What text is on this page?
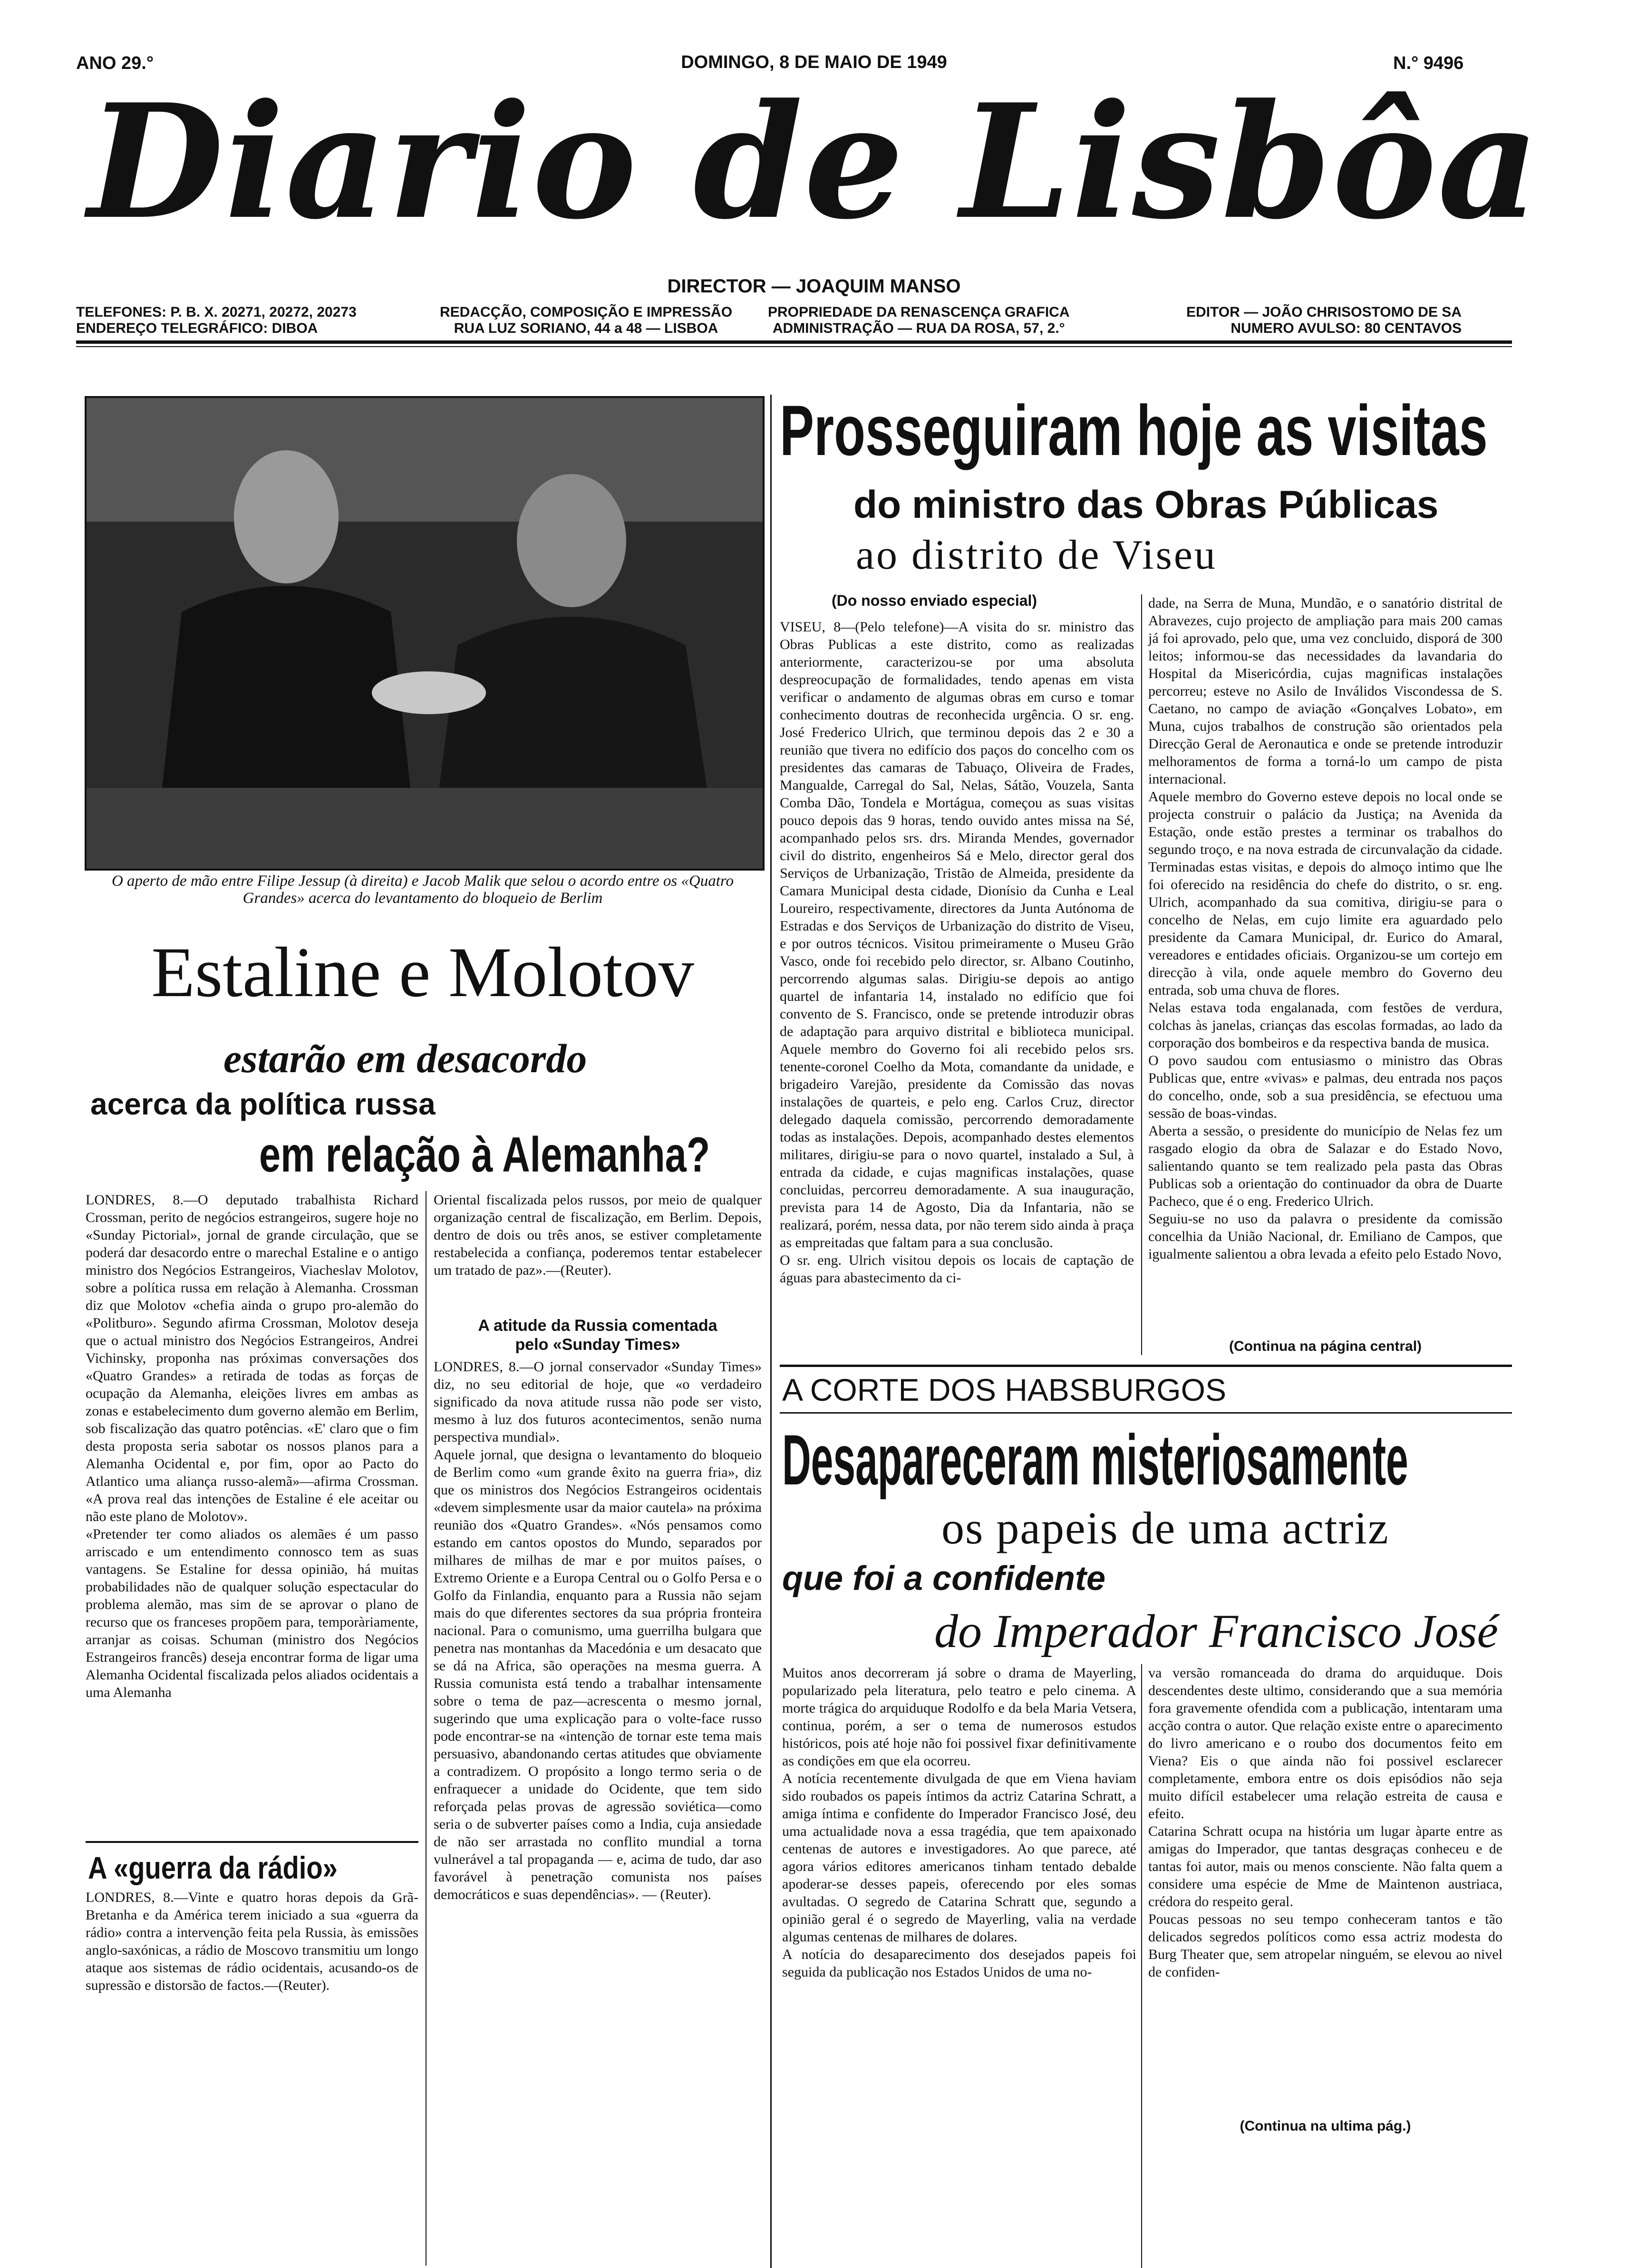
ANO 29.°	DOMINGO, 8 DE MAIO DE 1949	N.° 9496
Diario de Lisbôa
DIRECTOR — JOAQUIM MANSO
TELEFONES: P. B. X. 20271, 20272, 20273
ENDEREÇO TELEGRÁFICO: DIBOA
REDACÇÃO, COMPOSIÇÃO E IMPRESSÃO
RUA LUZ SORIANO, 44 a 48 — LISBOA
PROPRIEDADE DA RENASCENÇA GRAFICA
ADMINISTRAÇÃO — RUA DA ROSA, 57, 2.°
EDITOR — JOÃO CHRISOSTOMO DE SA
NUMERO AVULSO: 80 CENTAVOS
O aperto de mão entre Filipe Jessup (à direita) e Jacob Malik que selou o acordo entre os «Quatro Grandes» acerca do levantamento do bloqueio de Berlim
Estaline e Molotov
estarão em desacordo
acerca da política russa
em relação à Alemanha?
LONDRES, 8.—O deputado trabalhista Richard Crossman, perito de negócios estrangeiros, sugere hoje no «Sunday Pictorial», jornal de grande circulação, que se poderá dar desacordo entre o marechal Estaline e o antigo ministro dos Negócios Estrangeiros, Viacheslav Molotov, sobre a política russa em relação à Alemanha. Crossman diz que Molotov «chefia ainda o grupo pro-alemão do «Politburo». Segundo afirma Crossman, Molotov deseja que o actual ministro dos Negócios Estrangeiros, Andrei Vichinsky, proponha nas próximas conversações dos «Quatro Grandes» a retirada de todas as forças de ocupação da Alemanha, eleições livres em ambas as zonas e estabelecimento dum governo alemão em Berlim, sob fiscalização das quatro potências. «E' claro que o fim desta proposta seria sabotar os nossos planos para a Alemanha Ocidental e, por fim, opor ao Pacto do Atlantico uma aliança russo-alemã»—afirma Crossman. «A prova real das intenções de Estaline é ele aceitar ou não este plano de Molotov».
«Pretender ter como aliados os alemães é um passo arriscado e um entendimento connosco tem as suas vantagens. Se Estaline for dessa opinião, há muitas probabilidades não de qualquer solução espectacular do problema alemão, mas sim de se aprovar o plano de recurso que os franceses propõem para, temporàriamente, arranjar as coisas. Schuman (ministro dos Negócios Estrangeiros francês) deseja encontrar forma de ligar uma Alemanha Ocidental fiscalizada pelos aliados ocidentais a uma Alemanha
Oriental fiscalizada pelos russos, por meio de qualquer organização central de fiscalização, em Berlim. Depois, dentro de dois ou três anos, se estiver completamente restabelecida a confiança, poderemos tentar estabelecer um tratado de paz».—(Reuter).
A atitude da Russia comentada
pelo «Sunday Times»
LONDRES, 8.—O jornal conservador «Sunday Times» diz, no seu editorial de hoje, que «o verdadeiro significado da nova atitude russa não pode ser visto, mesmo à luz dos futuros acontecimentos, senão numa perspectiva mundial».
Aquele jornal, que designa o levantamento do bloqueio de Berlim como «um grande êxito na guerra fria», diz que os ministros dos Negócios Estrangeiros ocidentais «devem simplesmente usar da maior cautela» na próxima reunião dos «Quatro Grandes». «Nós pensamos como estando em cantos opostos do Mundo, separados por milhares de milhas de mar e por muitos países, o Extremo Oriente e a Europa Central ou o Golfo Persa e o Golfo da Finlandia, enquanto para a Russia não sejam mais do que diferentes sectores da sua própria fronteira nacional. Para o comunismo, uma guerrilha bulgara que penetra nas montanhas da Macedónia e um desacato que se dá na Africa, são operações na mesma guerra. A Russia comunista está tendo a trabalhar intensamente sobre o tema de paz—acrescenta o mesmo jornal, sugerindo que uma explicação para o volte-face russo pode encontrar-se na «intenção de tornar este tema mais persuasivo, abandonando certas atitudes que obviamente a contradizem. O propósito a longo termo seria o de enfraquecer a unidade do Ocidente, que tem sido reforçada pelas provas de agressão soviética—como seria o de subverter países como a India, cuja ansiedade de não ser arrastada no conflito mundial a torna vulnerável a tal propaganda — e, acima de tudo, dar aso favorável à penetração comunista nos países democráticos e suas dependências». — (Reuter).
A «guerra da rádio»
LONDRES, 8.—Vinte e quatro horas depois da Grã-Bretanha e da América terem iniciado a sua «guerra da rádio» contra a intervenção feita pela Russia, às emissões anglo-saxónicas, a rádio de Moscovo transmitiu um longo ataque aos sistemas de rádio ocidentais, acusando-os de supressão e distorsão de factos.—(Reuter).
Prosseguiram hoje as visitas
do ministro das Obras Públicas
ao distrito de Viseu
(Do nosso enviado especial)
VISEU, 8—(Pelo telefone)—A visita do sr. ministro das Obras Publicas a este distrito, como as realizadas anteriormente, caracterizou-se por uma absoluta despreocupação de formalidades, tendo apenas em vista verificar o andamento de algumas obras em curso e tomar conhecimento doutras de reconhecida urgência. O sr. eng. José Frederico Ulrich, que terminou depois das 2 e 30 a reunião que tivera no edifício dos paços do concelho com os presidentes das camaras de Tabuaço, Oliveira de Frades, Mangualde, Carregal do Sal, Nelas, Sátão, Vouzela, Santa Comba Dão, Tondela e Mortágua, começou as suas visitas pouco depois das 9 horas, tendo ouvido antes missa na Sé, acompanhado pelos srs. drs. Miranda Mendes, governador civil do distrito, engenheiros Sá e Melo, director geral dos Serviços de Urbanização, Tristão de Almeida, presidente da Camara Municipal desta cidade, Dionísio da Cunha e Leal Loureiro, respectivamente, directores da Junta Autónoma de Estradas e dos Serviços de Urbanização do distrito de Viseu, e por outros técnicos. Visitou primeiramente o Museu Grão Vasco, onde foi recebido pelo director, sr. Albano Coutinho, percorrendo algumas salas. Dirigiu-se depois ao antigo quartel de infantaria 14, instalado no edifício que foi convento de S. Francisco, onde se pretende introduzir obras de adaptação para arquivo distrital e biblioteca municipal. Aquele membro do Governo foi ali recebido pelos srs. tenente-coronel Coelho da Mota, comandante da unidade, e brigadeiro Varejão, presidente da Comissão das novas instalações de quarteis, e pelo eng. Carlos Cruz, director delegado daquela comissão, percorrendo demoradamente todas as instalações. Depois, acompanhado destes elementos militares, dirigiu-se para o novo quartel, instalado a Sul, à entrada da cidade, e cujas magnificas instalações, quase concluidas, percorreu demoradamente. A sua inauguração, prevista para 14 de Agosto, Dia da Infantaria, não se realizará, porém, nessa data, por não terem sido ainda à praça as empreitadas que faltam para a sua conclusão.
O sr. eng. Ulrich visitou depois os locais de captação de águas para abastecimento da ci-
dade, na Serra de Muna, Mundão, e o sanatório distrital de Abravezes, cujo projecto de ampliação para mais 200 camas já foi aprovado, pelo que, uma vez concluido, disporá de 300 leitos; informou-se das necessidades da lavandaria do Hospital da Misericórdia, cujas magnificas instalações percorreu; esteve no Asilo de Inválidos Viscondessa de S. Caetano, no campo de aviação «Gonçalves Lobato», em Muna, cujos trabalhos de construção são orientados pela Direcção Geral de Aeronautica e onde se pretende introduzir melhoramentos de forma a torná-lo um campo de pista internacional.
Aquele membro do Governo esteve depois no local onde se projecta construir o palácio da Justiça; na Avenida da Estação, onde estão prestes a terminar os trabalhos do segundo troço, e na nova estrada de circunvalação da cidade. Terminadas estas visitas, e depois do almoço intimo que lhe foi oferecido na residência do chefe do distrito, o sr. eng. Ulrich, acompanhado da sua comitiva, dirigiu-se para o concelho de Nelas, em cujo limite era aguardado pelo presidente da Camara Municipal, dr. Eurico do Amaral, vereadores e entidades oficiais. Organizou-se um cortejo em direcção à vila, onde aquele membro do Governo deu entrada, sob uma chuva de flores.
Nelas estava toda engalanada, com festões de verdura, colchas às janelas, crianças das escolas formadas, ao lado da corporação dos bombeiros e da respectiva banda de musica.
O povo saudou com entusiasmo o ministro das Obras Publicas que, entre «vivas» e palmas, deu entrada nos paços do concelho, onde, sob a sua presidência, se efectuou uma sessão de boas-vindas.
Aberta a sessão, o presidente do município de Nelas fez um rasgado elogio da obra de Salazar e do Estado Novo, salientando quanto se tem realizado pela pasta das Obras Publicas sob a orientação do continuador da obra de Duarte Pacheco, que é o eng. Frederico Ulrich.
Seguiu-se no uso da palavra o presidente da comissão concelhia da União Nacional, dr. Emiliano de Campos, que igualmente salientou a obra levada a efeito pelo Estado Novo,
(Continua na página central)
A CORTE DOS HABSBURGOS
Desapareceram misteriosamente
os papeis de uma actriz
que foi a confidente
do Imperador Francisco José
Muitos anos decorreram já sobre o drama de Mayerling, popularizado pela literatura, pelo teatro e pelo cinema. A morte trágica do arquiduque Rodolfo e da bela Maria Vetsera, continua, porém, a ser o tema de numerosos estudos históricos, pois até hoje não foi possivel fixar definitivamente as condições em que ela ocorreu.
A notícia recentemente divulgada de que em Viena haviam sido roubados os papeis íntimos da actriz Catarina Schratt, a amiga íntima e confidente do Imperador Francisco José, deu uma actualidade nova a essa tragédia, que tem apaixonado centenas de autores e investigadores. Ao que parece, até agora vários editores americanos tinham tentado debalde apoderar-se desses papeis, oferecendo por eles somas avultadas. O segredo de Catarina Schratt que, segundo a opinião geral é o segredo de Mayerling, valia na verdade algumas centenas de milhares de dolares.
A notícia do desaparecimento dos desejados papeis foi seguida da publicação nos Estados Unidos de uma no-
va versão romanceada do drama do arquiduque. Dois descendentes deste ultimo, considerando que a sua memória fora gravemente ofendida com a publicação, intentaram uma acção contra o autor. Que relação existe entre o aparecimento do livro americano e o roubo dos documentos feito em Viena? Eis o que ainda não foi possivel esclarecer completamente, embora entre os dois episódios não seja muito difícil estabelecer uma relação estreita de causa e efeito.
Catarina Schratt ocupa na história um lugar àparte entre as amigas do Imperador, que tantas desgraças conheceu e de tantas foi autor, mais ou menos consciente. Não falta quem a considere uma espécie de Mme de Maintenon austriaca, crédora do respeito geral.
Poucas pessoas no seu tempo conheceram tantos e tão delicados segredos políticos como essa actriz modesta do Burg Theater que, sem atropelar ninguém, se elevou ao nivel de confiden-
(Continua na ultima pág.)
